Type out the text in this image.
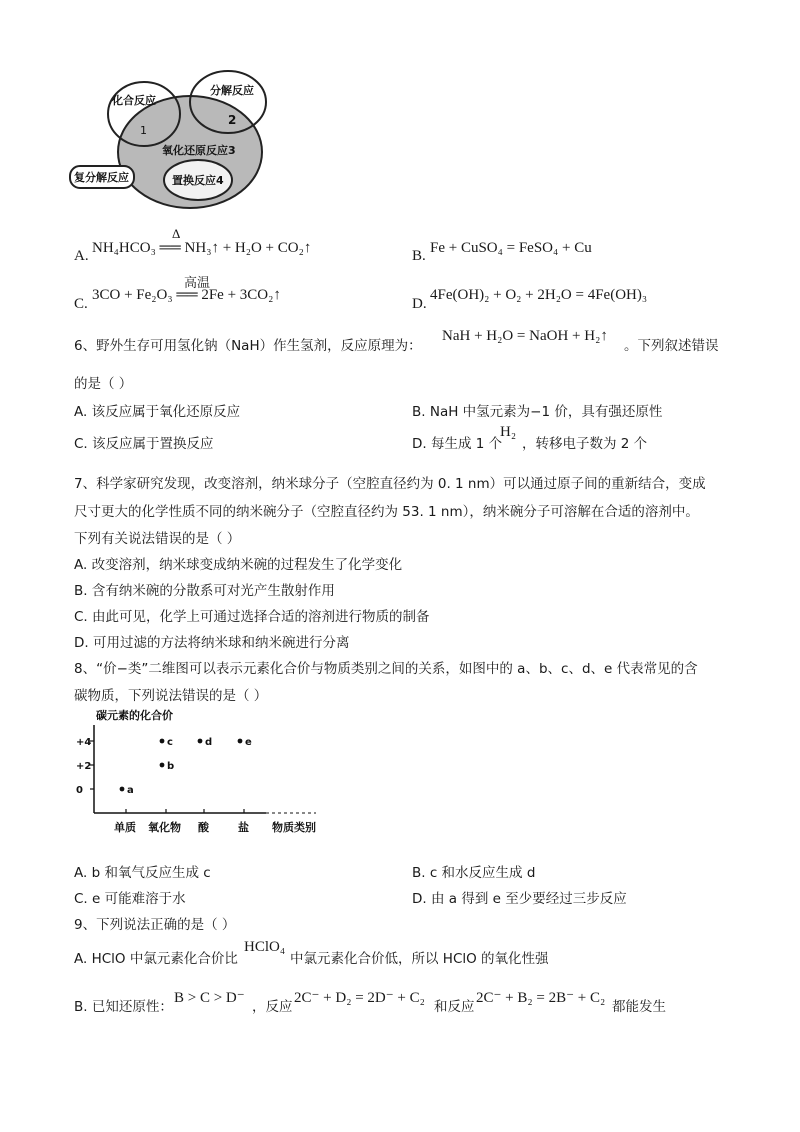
化合反应
分解反应
1
2
氧化还原反应3
置换反应4
复分解反应
A.
Δ
NH₄HCO₃ ══ NH₃↑ + H₂O + CO₂↑	B. Fe + CuSO₄ = FeSO₄ + Cu
C.
高温
3CO + Fe₂O₃ ══ 2Fe + 3CO₂↑
D.
4Fe(OH)₂ + O₂ + 2H₂O = 4Fe(OH)₃
6、野外生存可用氢化钠（NaH）作生氢剂，反应原理为：
NaH + H₂O = NaOH + H₂↑
。下列叙述错误
的是（ ）
A. 该反应属于氧化还原反应	B. NaH 中氢元素为−1 价，具有强还原性
C. 该反应属于置换反应	D. 每生成 1 个
H₂
，转移电子数为 2 个
7、科学家研究发现，改变溶剂，纳米球分子（空腔直径约为 0. 1 nm）可以通过原子间的重新结合，变成
尺寸更大的化学性质不同的纳米碗分子（空腔直径约为 53. 1 nm），纳米碗分子可溶解在合适的溶剂中。
下列有关说法错误的是（ ）
A. 改变溶剂，纳米球变成纳米碗的过程发生了化学变化
B. 含有纳米碗的分散系可对光产生散射作用
C. 由此可见，化学上可通过选择合适的溶剂进行物质的制备
D. 可用过滤的方法将纳米球和纳米碗进行分离
8、“价−类”二维图可以表示元素化合价与物质类别之间的关系，如图中的 a、b、c、d、e 代表常见的含
碳物质，下列说法错误的是（ ）
碳元素的化合价
物质类别
+4
+2
0
单质 氧化物 酸	盐
a
b
c	d	e
A. b 和氧气反应生成 c	B. c 和水反应生成 d
C. e 可能难溶于水	D. 由 a 得到 e 至少要经过三步反应
9、下列说法正确的是（ ）
A. HClO 中氯元素化合价比
HClO₄
中氯元素化合价低，所以 HClO 的氧化性强
B. 已知还原性：
B > C > D⁻
，反应
2C⁻ + D₂ = 2D⁻ + C₂
和反应
2C⁻ + B₂ = 2B⁻ + C₂
都能发生
